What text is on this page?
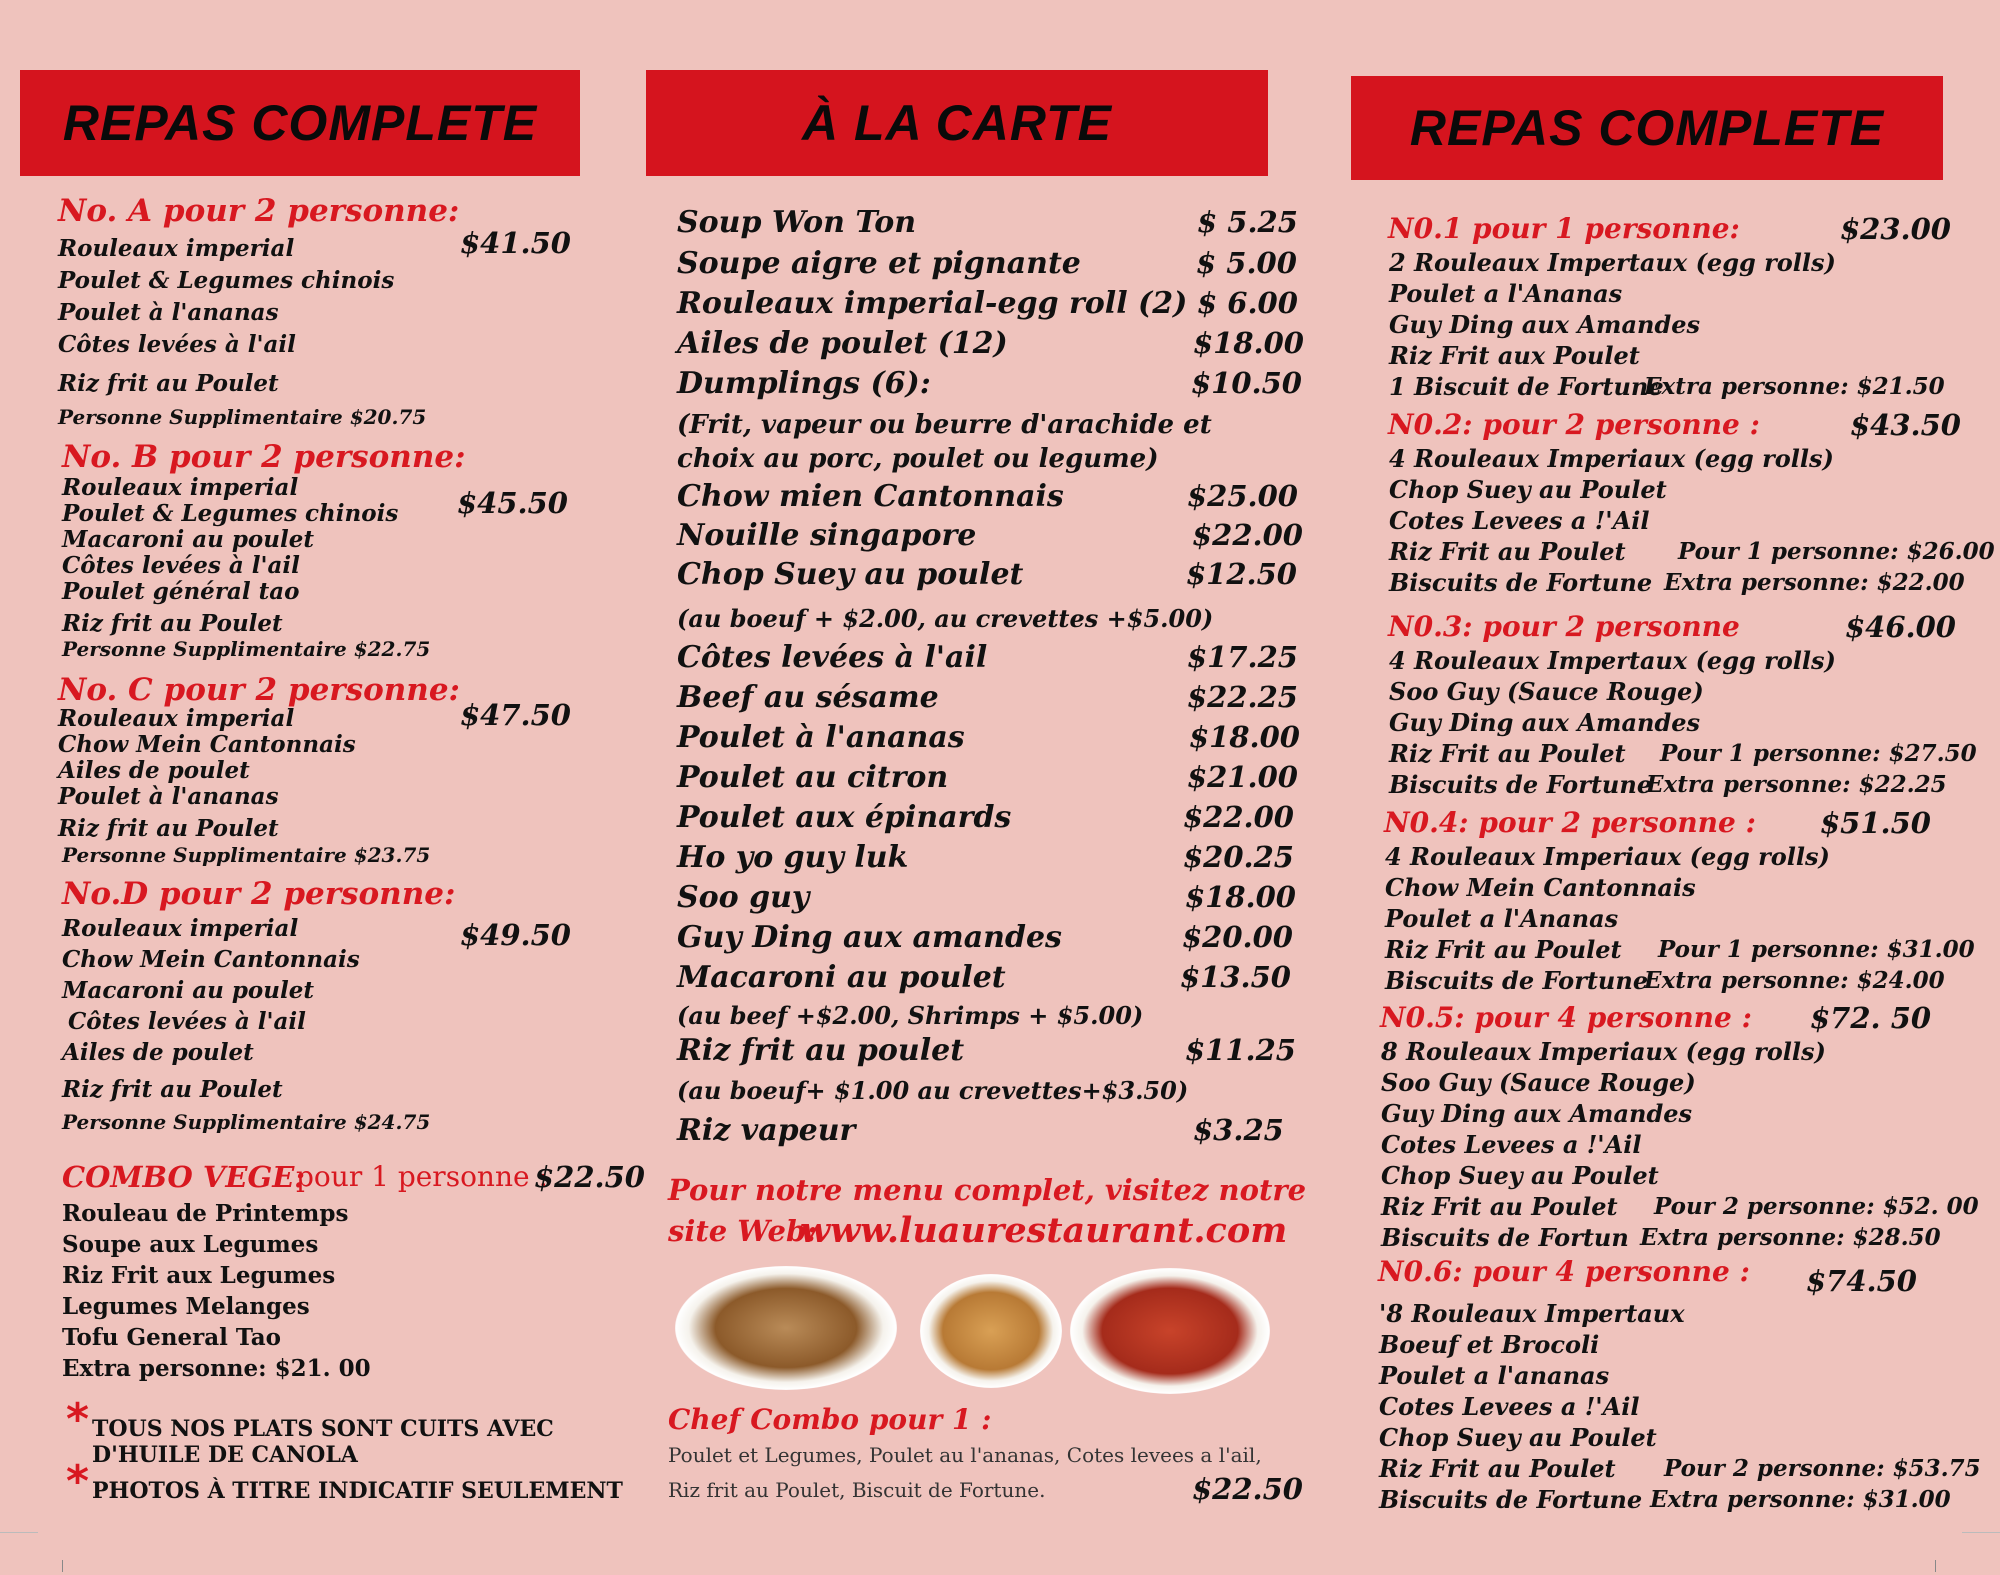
REPAS COMPLETE	À LA CARTE	REPAS COMPLETE
No. A pour 2 personne:
$41.50
Rouleaux imperial
Poulet & Legumes chinois
Poulet à l'ananas
Côtes levées à l'ail
Riz frit au Poulet
Personne Supplimentaire $20.75
No. B pour 2 personne:
$45.50
Rouleaux imperial
Poulet & Legumes chinois
Macaroni au poulet
Côtes levées à l'ail
Poulet général tao
Riz frit au Poulet
Personne Supplimentaire $22.75
No. C pour 2 personne:
$47.50
Rouleaux imperial
Chow Mein Cantonnais
Ailes de poulet
Poulet à l'ananas
Riz frit au Poulet
Personne Supplimentaire $23.75
No.D pour 2 personne:
$49.50
Rouleaux imperial
Chow Mein Cantonnais
Macaroni au poulet
Côtes levées à l'ail
Ailes de poulet
Riz frit au Poulet
Personne Supplimentaire $24.75
COMBO VEGE:
pour 1 personne :
$22.50
Rouleau de Printemps
Soupe aux Legumes
Riz Frit aux Legumes
Legumes Melanges
Tofu General Tao
Extra personne: $21. 00
* TOUS NOS PLATS SONT CUITS AVEC
D'HUILE DE CANOLA
* PHOTOS À TITRE INDICATIF SEULEMENT
Soup Won Ton	$ 5.25
Soupe aigre et pignante	$ 5.00
Rouleaux imperial-egg roll (2) $ 6.00
Ailes de poulet (12)	$18.00
Dumplings (6):	$10.50
(Frit, vapeur ou beurre d'arachide et
choix au porc, poulet ou legume)
Chow mien Cantonnais	$25.00
Nouille singapore	$22.00
Chop Suey au poulet	$12.50
(au boeuf + $2.00, au crevettes +$5.00)
Côtes levées à l'ail	$17.25
Beef au sésame	$22.25
Poulet à l'ananas	$18.00
Poulet au citron	$21.00
Poulet aux épinards	$22.00
Ho yo guy luk	$20.25
Soo guy	$18.00
Guy Ding aux amandes	$20.00
Macaroni au poulet	$13.50
(au beef +$2.00, Shrimps + $5.00)
Riz frit au poulet	$11.25
(au boeuf+ $1.00 au crevettes+$3.50)
Riz vapeur	$3.25
Pour notre menu complet, visitez notre
site Web:
www.luaurestaurant.com
Chef Combo pour 1 :
Poulet et Legumes, Poulet au l'ananas, Cotes levees a l'ail,
Riz frit au Poulet, Biscuit de Fortune.	$22.50
N0.1 pour 1 personne:	$23.00
2 Rouleaux Impertaux (egg rolls)
Poulet a l'Ananas
Guy Ding aux Amandes
Riz Frit aux Poulet
1 Biscuit de Fortune
Extra personne: $21.50
N0.2: pour 2 personne :	$43.50
4 Rouleaux Imperiaux (egg rolls)
Chop Suey au Poulet
Cotes Levees a !'Ail
Riz Frit au Poulet Pour 1 personne: $26.00
Biscuits de Fortune Extra personne: $22.00
N0.3: pour 2 personne	$46.00
4 Rouleaux Impertaux (egg rolls)
Soo Guy (Sauce Rouge)
Guy Ding aux Amandes
Riz Frit au Poulet Pour 1 personne: $27.50
Biscuits de Fortune
Extra personne: $22.25
N0.4: pour 2 personne : $51.50
4 Rouleaux Imperiaux (egg rolls)
Chow Mein Cantonnais
Poulet a l'Ananas
Riz Frit au Poulet Pour 1 personne: $31.00
Biscuits de Fortune
Extra personne: $24.00
N0.5: pour 4 personne : $72. 50
8 Rouleaux Imperiaux (egg rolls)
Soo Guy (Sauce Rouge)
Guy Ding aux Amandes
Cotes Levees a !'Ail
Chop Suey au Poulet
Riz Frit au Poulet Pour 2 personne: $52. 00
Biscuits de Fortun Extra personne: $28.50
N0.6: pour 4 personne : $74.50
'8 Rouleaux Impertaux
Boeuf et Brocoli
Poulet a l'ananas
Cotes Levees a !'Ail
Chop Suey au Poulet
Riz Frit au Poulet Pour 2 personne: $53.75
Biscuits de Fortune Extra personne: $31.00
